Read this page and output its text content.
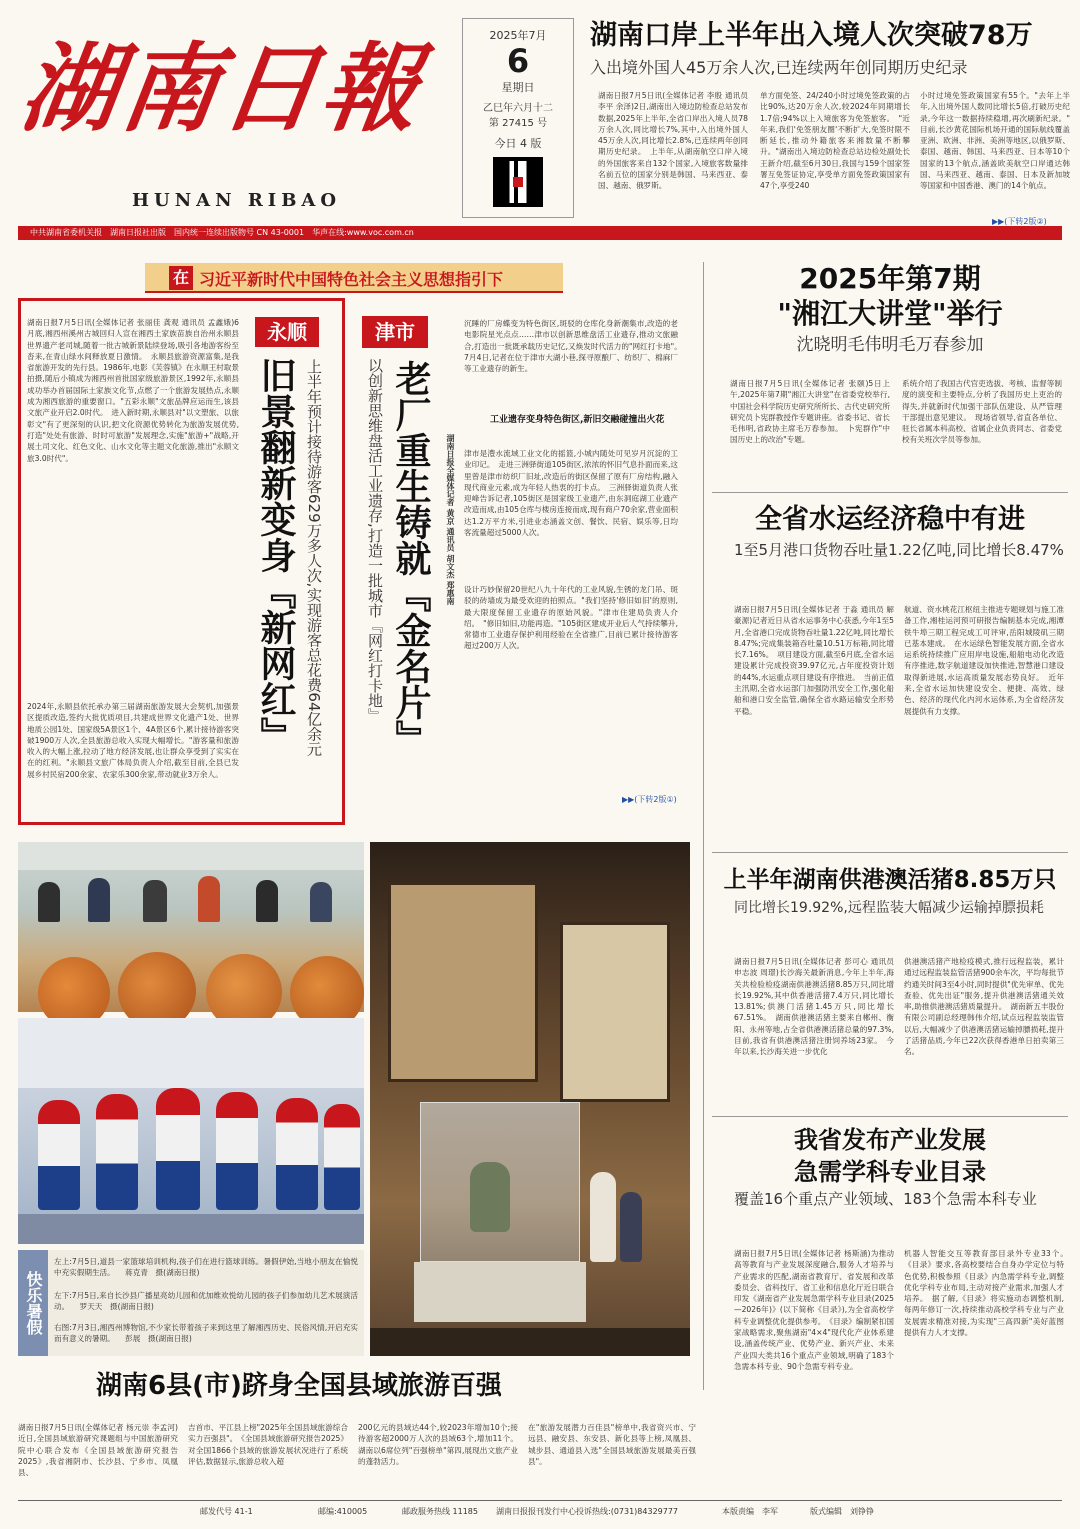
湖南日報
HUNAN RIBAO
2025年7月
6
星期日
乙巳年六月十二
第 27415 号
今日 4 版
湖南口岸上半年出入境人次突破78万
入出境外国人45万余人次,已连续两年创同期历史纪录
湖南日报7月5日讯(全媒体记者 李殷 通讯员 李平 余泽)2日,湖南出入境边防检查总站发布数据,2025年上半年,全省口岸出入境人员78万余人次,同比增长7%,其中,入出境外国人45万余人次,同比增长2.8%,已连续两年创同期历史纪录。　上半年,从湖南航空口岸入境的外国旅客来自132个国家,入境旅客数量排名前五位的国家分别是韩国、马来西亚、泰国、越南、俄罗斯。
单方面免签、24/240小时过境免签政策的占比90%,达20万余人次,较2024年同期增长1.7倍;94%以上入境旅客为免签旅客。　"近年来,我们'免签朋友圈'不断扩大,免签时限不断延长,推动外籍旅客来湘数量不断攀升。"湖南出入境边防检查总站边检处副处长王新介绍,截至6月30日,我国与159个国家签署互免签证协定,享受单方面免签政策国家有47个,享受240
小时过境免签政策国家有55个。"去年上半年,入出境外国人数同比增长5倍,打破历史纪录,今年这一数据持续稳增,再次刷新纪录。"　目前,长沙黄花国际机场开通的国际航线覆盖亚洲、欧洲、非洲、美洲等地区,以俄罗斯、泰国、越南、韩国、马来西亚、日本等10个国家的13个航点,涵盖欧美航空口岸通达韩国、马来西亚、越南、泰国、日本及新加坡等国家和中国香港、澳门的14个航点。
▶▶(下转2版②)
中共湖南省委机关报　湖南日报社出版　国内统一连续出版物号 CN 43-0001　华声在线:www.voc.com.cn
在 习近平新时代中国特色社会主义思想指引下
湖南日报7月5日讯(全媒体记者 张丽佳 龚观 通讯员 孟鑫娥)6月底,湘西州溪州古城回归人宣在湘西土家族苗族自治州永顺县世界遗产老司城,随着一批古城新景陆续登场,吸引各地游客纷至沓来,在青山绿水间释放夏日激情。　永顺县旅游资源富集,是我省旅游开发的先行县。1986年,电影《芙蓉镇》在永顺王村取景拍摄,随后小镇成为湘西州首批国家级旅游景区,1992年,永顺县成功举办首届国际土家族文化节,点燃了一个旅游发展热点,永顺成为湘西旅游的重要窗口。"五彩永顺"文旅品牌应运而生,该县文旅产业开启2.0时代。　进入新时期,永顺县对"以文塑旅、以旅彰文"有了更深刻的认识,把文化资源优势转化为旅游发展优势,打造"处处有旅游、时时可旅游"发展理念,实施"旅游+"战略,开展土司文化、红色文化、山水文化等主题文化旅游,推出"永顺文旅3.0时代"。
2024年,永顺县依托承办第三届湖南旅游发展大会契机,加强景区提质改造,签约大批优质项目,共建成世界文化遗产1处、世界地质公园1处、国家级5A景区1个、4A景区6个,累计接待游客突破1900万人次,全县旅游总收入实现大幅增长。"游客量和旅游收入的大幅上涨,拉动了地方经济发展,也让群众享受到了实实在在的红利。"永顺县文旅广体局负责人介绍,截至目前,全县已发展乡村民宿200余家、农家乐300余家,带动就业3万余人。
永顺
旧景翻新变身『新网红』 上半年预计接待游客629万多人次,实现游客总花费64亿余元
津市
老厂重生铸就『金名片』
以创新思维盘活工业遗存,打造一批城市『网红打卡地』	湖南日报全媒体记者 黄京 通讯员 胡文杰 郑惠南
沉睡的厂房蝶变为特色街区,斑驳的仓库化身新潮集市,改造的老电影院星光点点……津市以创新思维盘活工业遗存,推动文旅融合,打造出一批既承载历史记忆,又焕发时代活力的"网红打卡地"。　7月4日,记者在位于津市大湖小巷,探寻原酿厂、纺织厂、棉麻厂等工业遗存的新生。
工业遗存变身特色街区,新旧交融碰撞出火花
津市是澧水流域工业文化的摇篮,小城内随处可见岁月沉淀的工业印记。　走进三洲驿街道105街区,浓浓的怀旧气息扑面而来,这里曾是津市纺织厂旧址,改造后的街区保留了原有厂房结构,融入现代商业元素,成为年轻人热衷的打卡点。　三洲驿街道负责人张迎峰告诉记者,105街区是国家级工业遗产,由东洞庭湖工业遗产改造而成,由105仓库与楼房连接而成,现有商户70余家,营业面积达1.2万平方米,引进业态涵盖文创、餐饮、民宿、娱乐等,日均客流量超过5000人次。
设计巧妙保留20世纪八九十年代的工业风貌,生锈的龙门吊、斑驳的砖墙成为最受欢迎的拍照点。"我们坚持'修旧如旧'的原则,最大限度保留工业遗存的原始风貌。"津市住建局负责人介绍。　"修旧如旧,功能再造。"105街区建成开业后人气持续攀升,常德市工业遗存保护利用经验在全省推广,目前已累计接待游客超过200万人次。
▶▶(下转2版①)
2025年第7期
"湘江大讲堂"举行
沈晓明毛伟明毛万春参加
湖南日报7月5日讯(全媒体记者 张颐)5日上午,2025年第7期"湘江大讲堂"在省委党校举行,中国社会科学院历史研究所所长、古代史研究所研究员卜宪群教授作专题讲座。省委书记、省长毛伟明,省政协主席毛万春参加。　卜宪群作"中国历史上的改治"专题。
系统介绍了我国古代官吏选拔、考核、监督等制度的演变和主要特点,分析了我国历史上吏治的得失,并就新时代加强干部队伍建设、从严管理干部提出意见建议。　现场省领导,省直各单位、驻长省属本科高校、省属企业负责同志、省委党校有关班次学员等参加。
全省水运经济稳中有进
1至5月港口货物吞吐量1.22亿吨,同比增长8.47%
湖南日报7月5日讯(全媒体记者 于淼 通讯员 解豪源)记者近日从省水运事务中心获悉,今年1至5月,全省港口完成货物吞吐量1.22亿吨,同比增长8.47%;完成集装箱吞吐量10.51万标箱,同比增长7.16%。　项目建设方面,截至6月底,全省水运建设累计完成投资39.97亿元,占年度投资计划的44%,水运重点项目建设有序推进。　当前正值主汛期,全省水运部门加强防汛安全工作,强化船舶和港口安全监管,确保全省水路运输安全形势平稳。
航道、资水桃花江枢纽主推进专题规划与施工准备工作,湘桂运河预可研报告编制基本完成,湘潭铁牛埠三期工程完成工可评审,岳阳城陵矶三期已基本建成。　在水运绿色智能发展方面,全省水运系统持续推广应用岸电设施,船舶电动化改造有序推进,数字航道建设加快推进,智慧港口建设取得新进展,水运高质量发展态势良好。　近年来,全省水运加快建设安全、便捷、高效、绿色、经济的现代化内河水运体系,为全省经济发展提供有力支撑。
上半年湖南供港澳活猪8.85万只
同比增长19.92%,远程监装大幅减少运输掉膘损耗
湖南日报7月5日讯(全媒体记者 彭可心 通讯员 申志波 周璟)长沙海关最新消息,今年上半年,海关共检验检疫湖南供港澳活猪8.85万只,同比增长19.92%,其中供香港活猪7.4万只,同比增长13.81%;供澳门活猪1.45万只,同比增长67.51%。　湖南供港澳活猪主要来自郴州、衡阳、永州等地,占全省供港澳活猪总量的97.3%,目前,我省有供港澳活猪注册饲养场23家。　今年以来,长沙海关进一步优化
供港澳活猪产地检疫模式,推行远程监装，累计通过远程监装监管活猪900余车次，平均每批节约通关时间3至4小时,同时提供"优先审单、优先查验、优先出证"服务,提升供港澳活猪通关效率,助推供港澳活猪质量提升。　湖南新五丰股份有限公司副总经理韩伟介绍,试点远程监装监管以后,大幅减少了供港澳活猪运输掉膘损耗,提升了活猪品质,今年已22次获得香港单日拍卖第三名。
我省发布产业发展
急需学科专业目录
覆盖16个重点产业领域、183个急需本科专业
湖南日报7月5日讯(全媒体记者 杨斯涵)为推动高等教育与产业发展深度融合,服务人才培养与产业需求的匹配,湖南省教育厅、省发展和改革委员会、省科技厅、省工业和信息化厅近日联合印发《湖南省产业发展急需学科专业目录(2025—2026年)》(以下简称《目录》),为全省高校学科专业调整优化提供参考。　《目录》编制紧扣国家战略需求,聚焦湖南"4×4"现代化产业体系建设,涵盖传统产业、优势产业、新兴产业、未来产业四大类共16个重点产业领域,明确了183个急需本科专业、90个急需专科专业。
机器人智能交互等教育部目录外专业33个。　《目录》要求,各高校要结合自身办学定位与特色优势,积极参照《目录》内急需学科专业,调整优化学科专业布局,主动对接产业需求,加强人才培养。　据了解,《目录》将实施动态调整机制,每两年修订一次,持续推动高校学科专业与产业发展需求精准对接,为实现"三高四新"美好蓝图提供有力人才支撑。
快乐暑假
左上:7月5日,道县一家篮球培训机构,孩子们在进行篮球训练。暑假伊始,当地小朋友在愉悦中充实假期生活。 蒋克青　摄(湖南日报)
左下:7月5日,来自长沙县广播星亮幼儿园和优加维欢悦幼儿园的孩子们参加幼儿艺术展演活动。 罗天天　摄(湖南日报)
右图:7月3日,湘西州博物馆,不少家长带着孩子来到这里了解湘西历史、民俗风情,开启充实而有意义的暑期。 彭展　摄(湖南日报)
湖南6县(市)跻身全国县域旅游百强
湖南日报7月5日讯(全媒体记者 杨元崇 李孟河)近日,全国县域旅游研究课题组与中国旅游研究院中心联合发布《全国县域旅游研究报告2025》,我省湘阴市、长沙县、宁乡市、凤凰县、
吉首市、平江县上榜"2025年全国县域旅游综合实力百强县"。　《全国县域旅游研究报告2025》对全国1866个县域的旅游发展状况进行了系统评估,数据显示,旅游总收入超
200亿元的县域达44个,较2023年增加10个;接待游客超2000万人次的县域63个,增加11个。湖南以6席位列"百强榜单"第四,展现出文旅产业的蓬勃活力。
在"旅游发展潜力百佳县"榜单中,我省资兴市、宁远县、融安县、东安县、新化县等上榜,凤凰县、城步县、通道县入选"全国县域旅游发展最美百强县"。
邮发代号 41-1	邮编:410005	邮政服务热线 11185 湖南日报报刊发行中心投诉热线:(0731)84329777	本版责编　李军	版式编辑　刘铮铮
